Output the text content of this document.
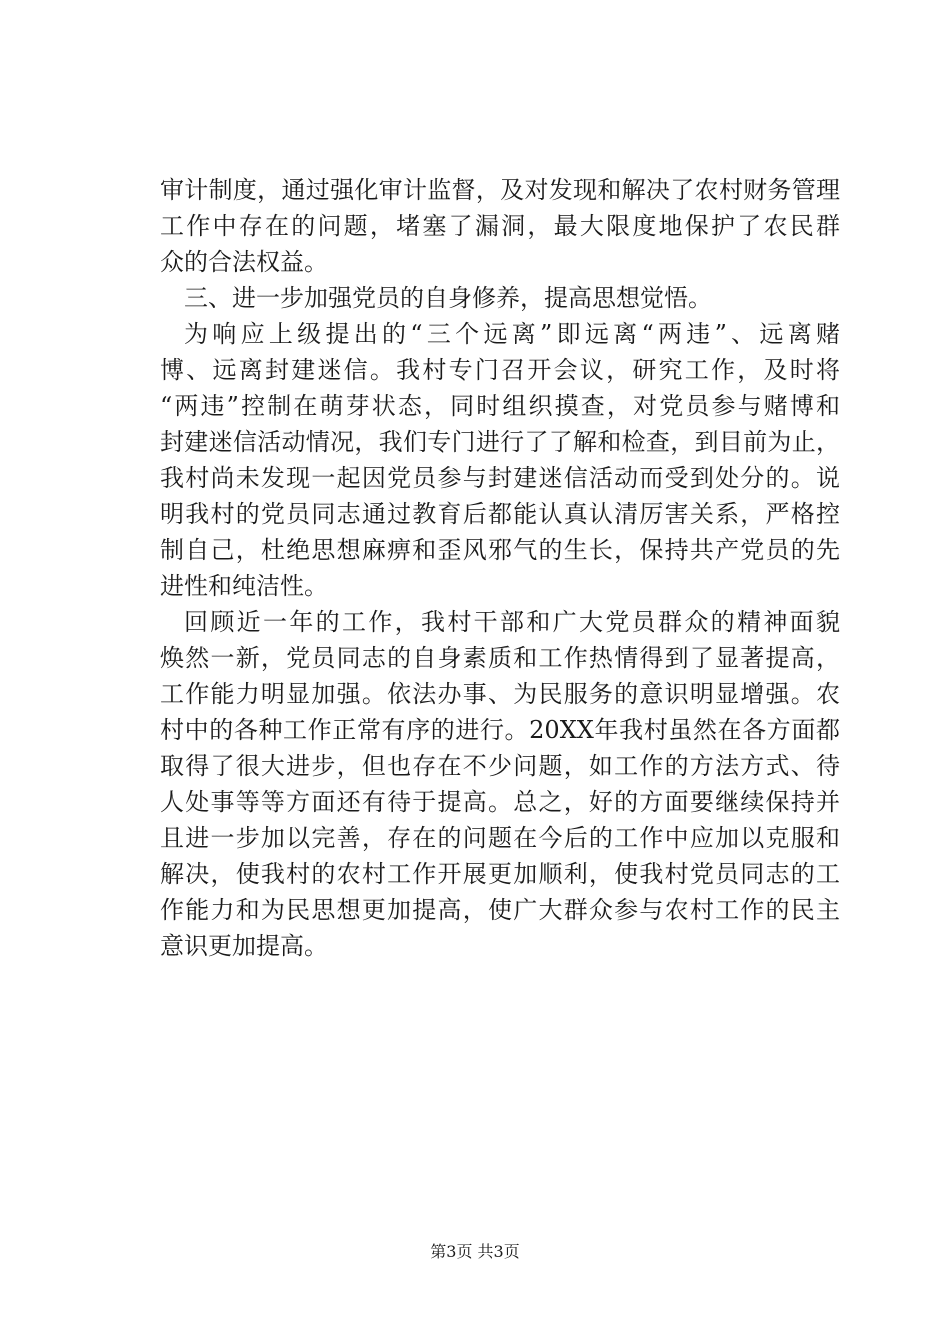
审计制度，通过强化审计监督，及对发现和解决了农村财务管理
工作中存在的问题，堵塞了漏洞，最大限度地保护了农民群
众的合法权益。
三、进一步加强党员的自身修养，提高思想觉悟。
为响应上级提出的“三个远离”即远离“两违”、远离赌
博、远离封建迷信。我村专门召开会议，研究工作，及时将
“两违”控制在萌芽状态，同时组织摸查，对党员参与赌博和
封建迷信活动情况，我们专门进行了了解和检查，到目前为止，
我村尚未发现一起因党员参与封建迷信活动而受到处分的。说
明我村的党员同志通过教育后都能认真认清厉害关系，严格控
制自己，杜绝思想麻痹和歪风邪气的生长，保持共产党员的先
进性和纯洁性。
回顾近一年的工作，我村干部和广大党员群众的精神面貌
焕然一新，党员同志的自身素质和工作热情得到了显著提高，
工作能力明显加强。依法办事、为民服务的意识明显增强。农
村中的各种工作正常有序的进行。20XX年我村虽然在各方面都
取得了很大进步，但也存在不少问题，如工作的方法方式、待
人处事等等方面还有待于提高。总之，好的方面要继续保持并
且进一步加以完善，存在的问题在今后的工作中应加以克服和
解决，使我村的农村工作开展更加顺利，使我村党员同志的工
作能力和为民思想更加提高，使广大群众参与农村工作的民主
意识更加提高。
第3页 共3页
